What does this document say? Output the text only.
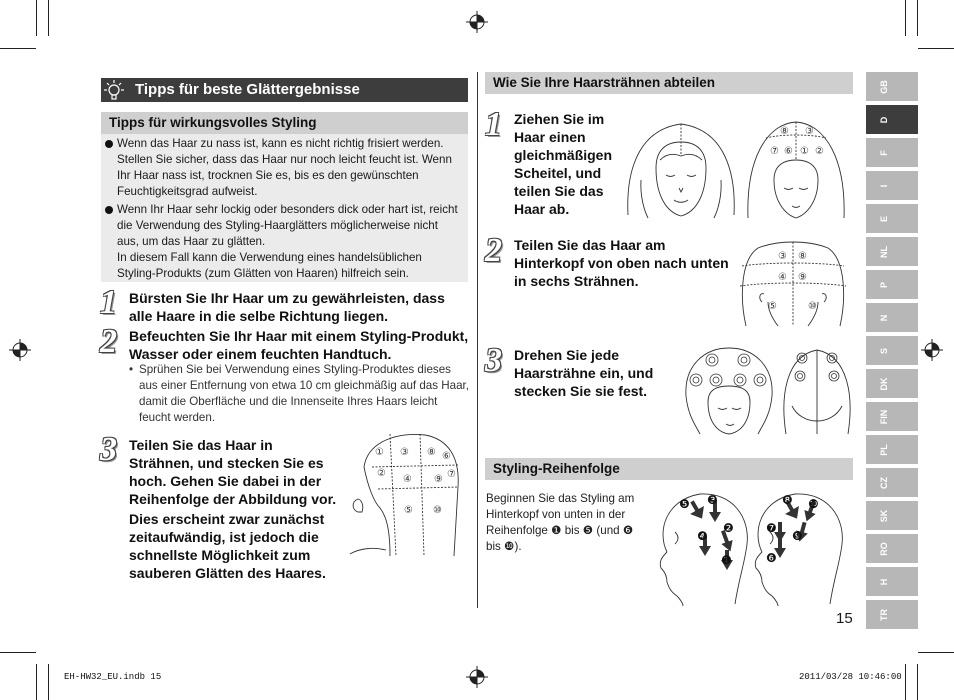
Tipps für beste Glättergebnisse
Tipps für wirkungsvolles Styling
Wenn das Haar zu nass ist, kann es nicht richtig frisiert werden. Stellen Sie sicher, dass das Haar nur noch leicht feucht ist. Wenn Ihr Haar nass ist, trocknen Sie es, bis es den gewünschten Feuchtigkeitsgrad aufweist.
Wenn Ihr Haar sehr lockig oder besonders dick oder hart ist, reicht die Verwendung des Styling-Haarglätters möglicherweise nicht aus, um das Haar zu glätten.
In diesem Fall kann die Verwendung eines handelsüblichen Styling-Produkts (zum Glätten von Haaren) hilfreich sein.
1 Bürsten Sie Ihr Haar um zu gewährleisten, dass alle Haare in die selbe Richtung liegen.
2 Befeuchten Sie Ihr Haar mit einem Styling-Produkt, Wasser oder einem feuchten Handtuch.
• Sprühen Sie bei Verwendung eines Styling-Produktes dieses aus einer Entfernung von etwa 10 cm gleichmäßig auf das Haar, damit die Oberfläche und die Innenseite Ihres Haars leicht feucht werden.
3 Teilen Sie das Haar in Strähnen, und stecken Sie es hoch. Gehen Sie dabei in der Reihenfolge der Abbildung vor.
Dies erscheint zwar zunächst zeitaufwändig, ist jedoch die schnellste Möglichkeit zum sauberen Glätten des Haares.
① ③ ⑧ ⑥
②
④ ⑨ ⑦
⑤ ⑩
Wie Sie Ihre Haarsträhnen abteilen
1 Ziehen Sie im Haar einen gleichmäßigen Scheitel, und teilen Sie das Haar ab.
⑧ ③
⑦ ⑥ ① ②
2 Teilen Sie das Haar am Hinterkopf von oben nach unten in sechs Strähnen.
③ ⑧
④ ⑨
⑤	⑩
3 Drehen Sie jede Haarsträhne ein, und stecken Sie sie fest.
Styling-Reihenfolge
Beginnen Sie das Styling am Hinterkopf von unten in der Reihenfolge ❶ bis ❺ (und ❻
bis ❿).
❺ ❸
❷
❹
❶
❽ ❿
❼
❾
❻
15
GB
D
F
I
E
NL
P
N
S
DK
FIN
PL
CZ
SK
RO
H
TR
EH-HW32_EU.indb 15	2011/03/28 10:46:00
